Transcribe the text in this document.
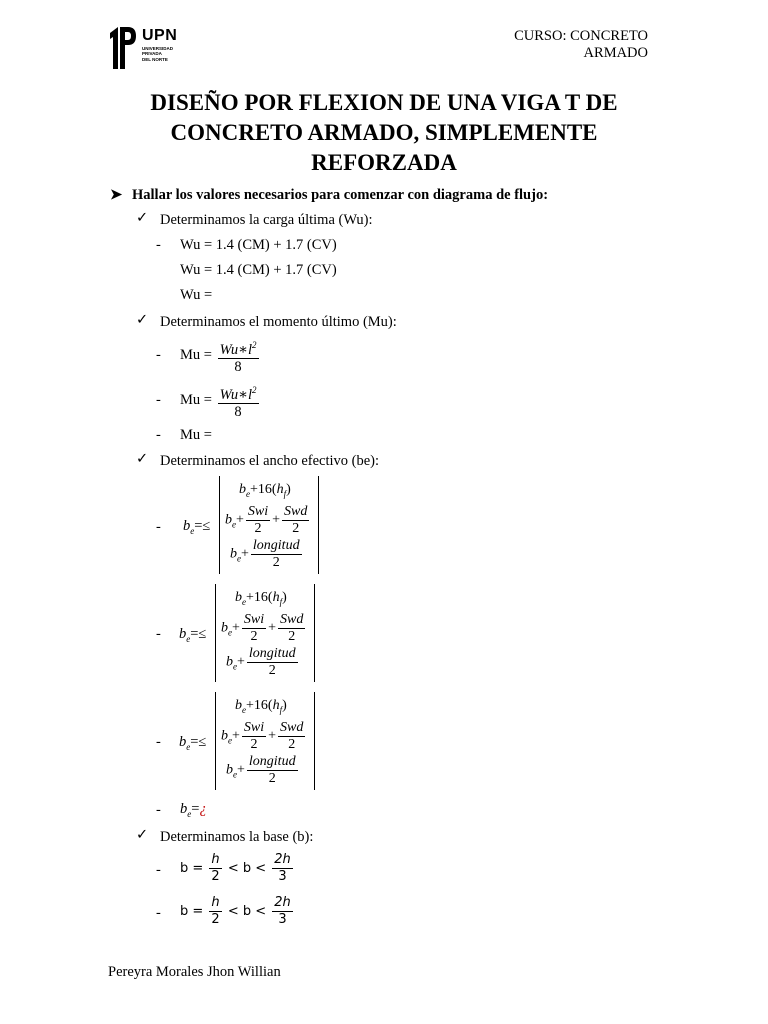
UPN
UNIVERSIDAD
PRIVADA
DEL NORTE
CURSO: CONCRETO
ARMADO
DISEÑO POR FLEXION DE UNA VIGA T DE
CONCRETO ARMADO, SIMPLEMENTE
REFORZADA
➤ Hallar los valores necesarios para comenzar con diagrama de flujo:
✓ Determinamos la carga última (Wu):
- Wu = 1.4 (CM) + 1.7 (CV)
Wu = 1.4 (CM) + 1.7 (CV)
Wu =
✓ Determinamos el momento último (Mu):
- $Mu = \frac{Wu∗l^2}{8}$
- $Mu = \frac{Wu∗l^2}{8}$
- Mu =
✓ Determinamos el ancho efectivo (be):
- $b_e=\le$
$b_e+16(h_f)$
$b_e+ \frac{\text{Swi}}{2} + \frac{\text{Swd}}{2}$
$b_e+ \frac{\text{longitud}}{2}$
- $b_e=\le$
$b_e+16(h_f)$
$b_e+ \frac{\text{Swi}}{2} + \frac{\text{Swd}}{2}$
$b_e+ \frac{\text{longitud}}{2}$
- $b_e=\le$
$b_e+16(h_f)$
$b_e+ \frac{\text{Swi}}{2} + \frac{\text{Swd}}{2}$
$b_e+ \frac{\text{longitud}}{2}$
- $b_e=¿$
✓ Determinamos la base (b):
- $b = \frac{h}{2} < b < \frac{2h}{3}$
- $b = \frac{h}{2} < b < \frac{2h}{3}$
Pereyra Morales Jhon Willian
